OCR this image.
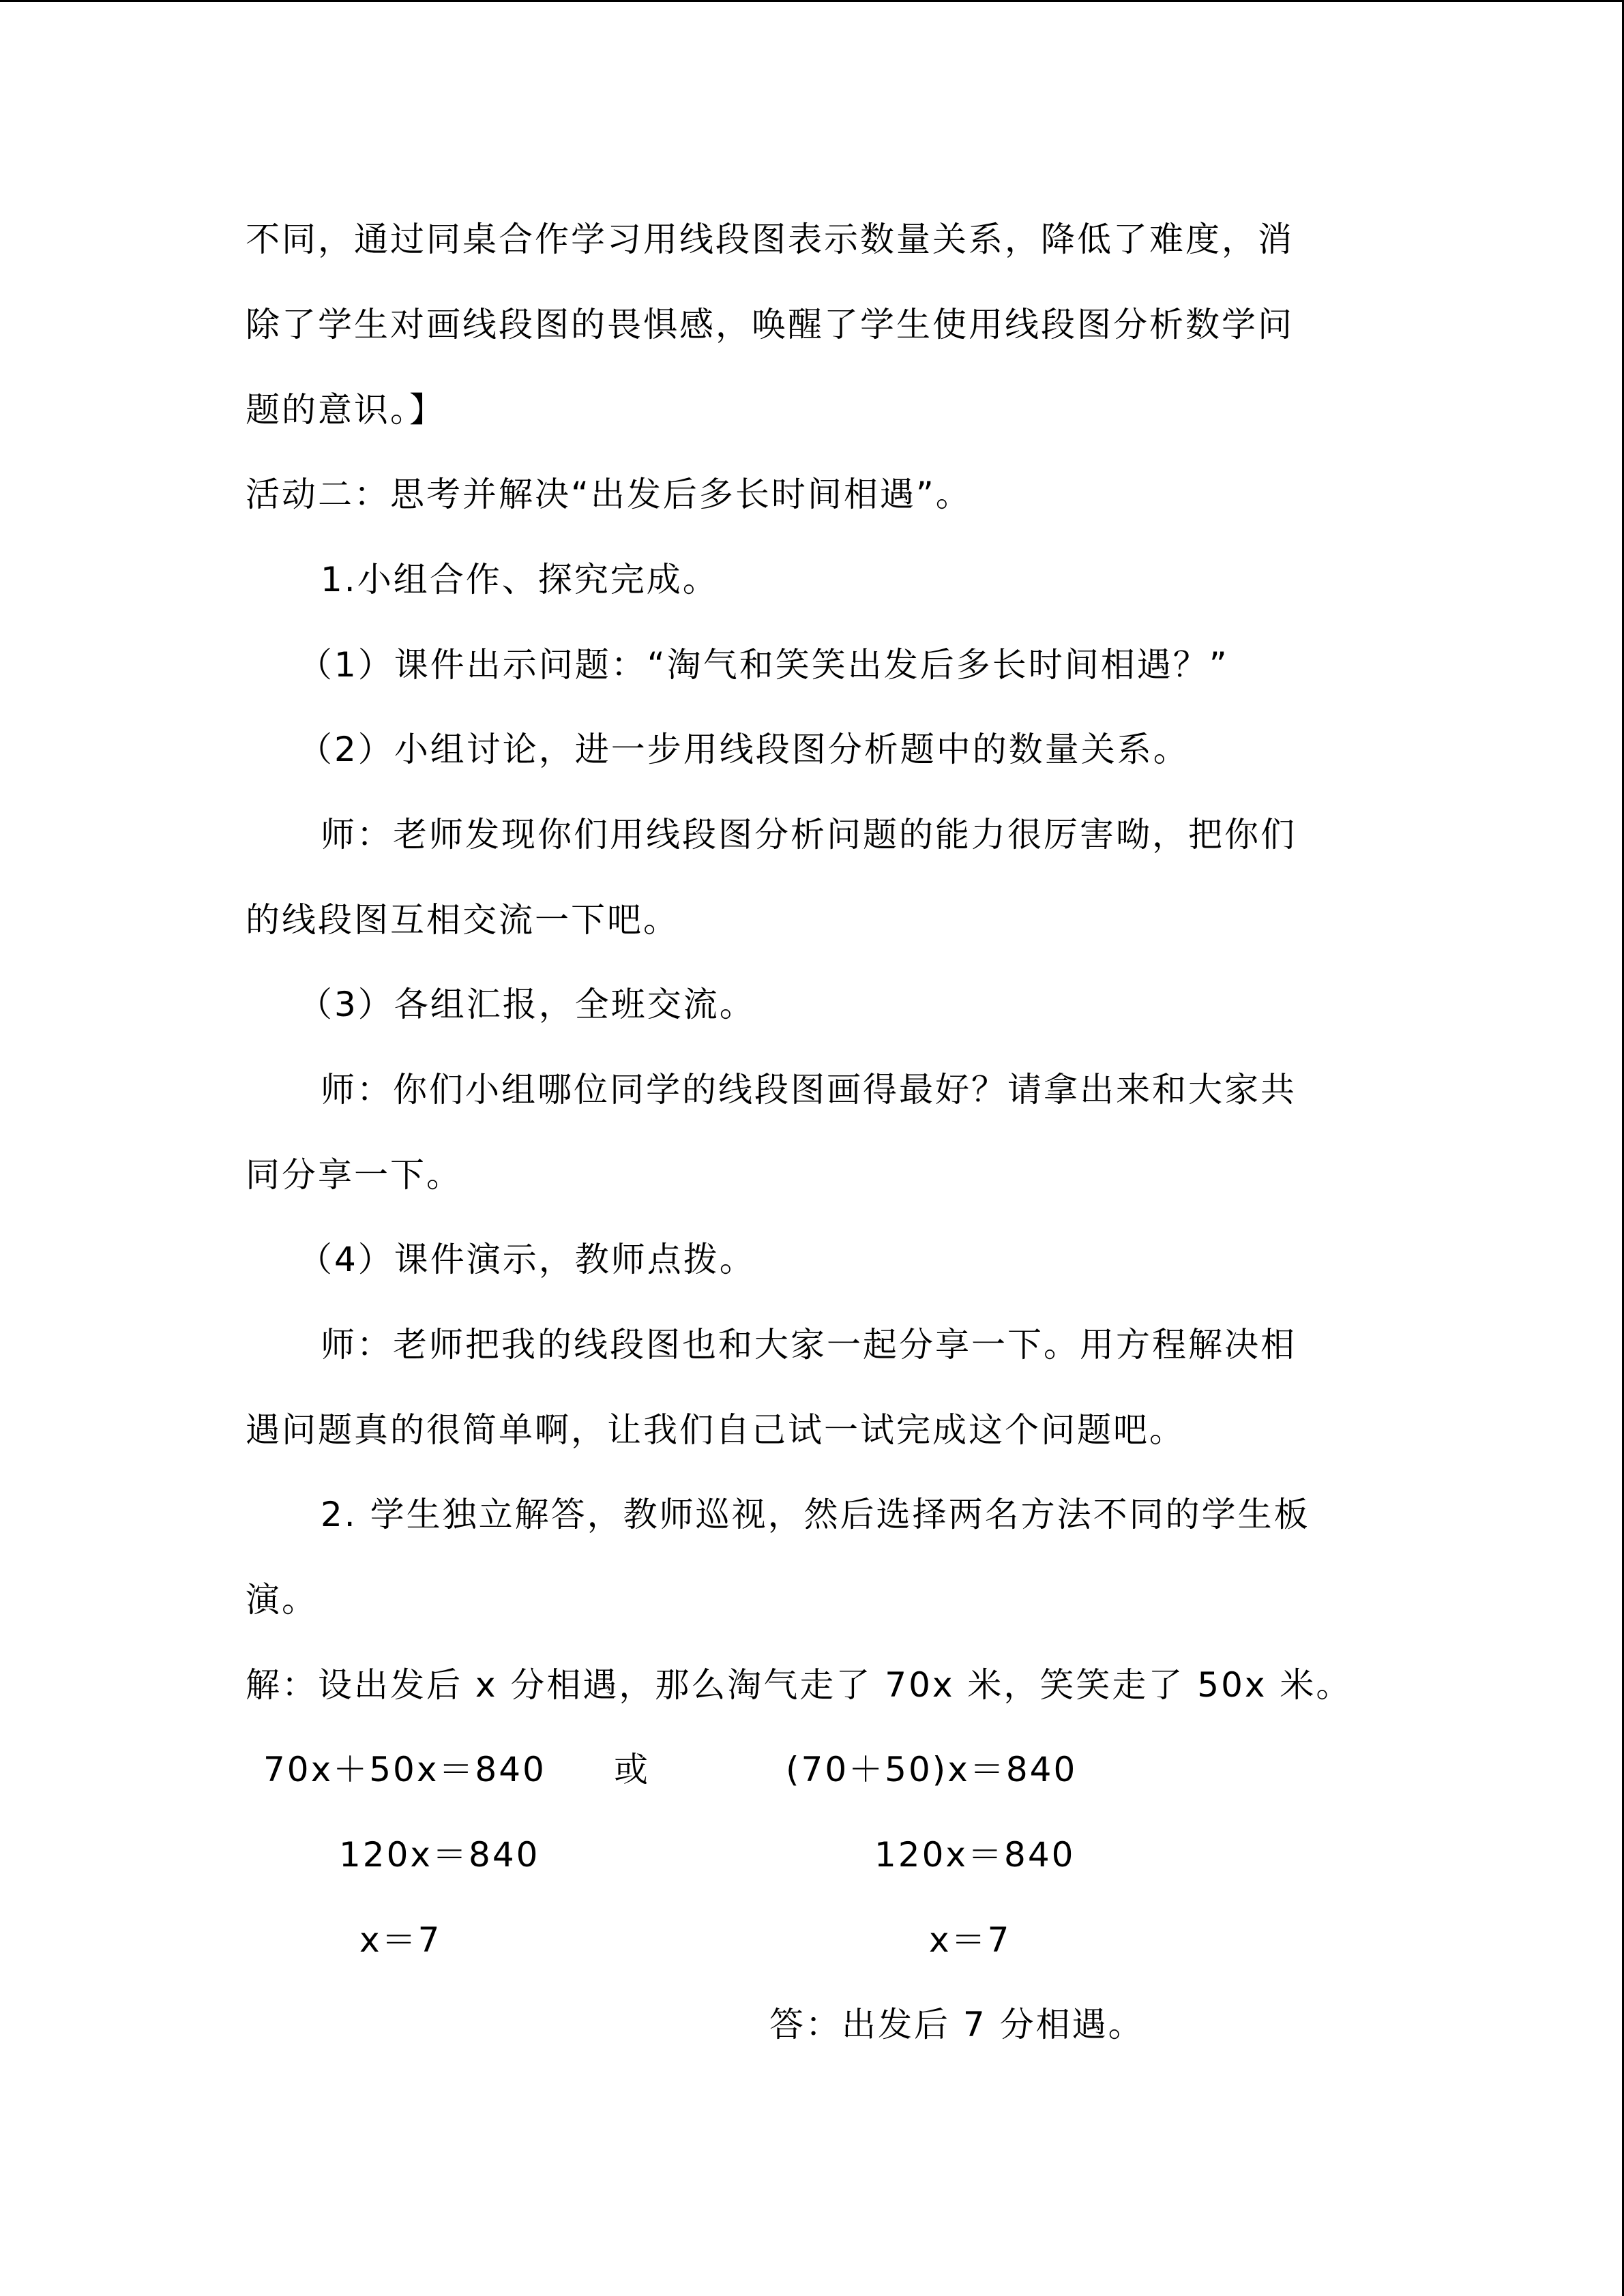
不同，通过同桌合作学习用线段图表示数量关系，降低了难度，消
除了学生对画线段图的畏惧感，唤醒了学生使用线段图分析数学问
题的意识。】
活动二：思考并解决“出发后多长时间相遇”。
1.小组合作、探究完成。
（1）课件出示问题：“淘气和笑笑出发后多长时间相遇？”
（2）小组讨论，进一步用线段图分析题中的数量关系。
师：老师发现你们用线段图分析问题的能力很厉害呦，把你们
的线段图互相交流一下吧。
（3）各组汇报，全班交流。
师：你们小组哪位同学的线段图画得最好？请拿出来和大家共
同分享一下。
（4）课件演示，教师点拨。
师：老师把我的线段图也和大家一起分享一下。用方程解决相
遇问题真的很简单啊，让我们自己试一试完成这个问题吧。
2. 学生独立解答，教师巡视，然后选择两名方法不同的学生板
演。
解：设出发后 x 分相遇，那么淘气走了 70x 米，笑笑走了 50x 米。
70x＋50x＝840 或	(70＋50)x＝840
120x＝840	120x＝840
x＝7	x＝7
答：出发后 7 分相遇。
